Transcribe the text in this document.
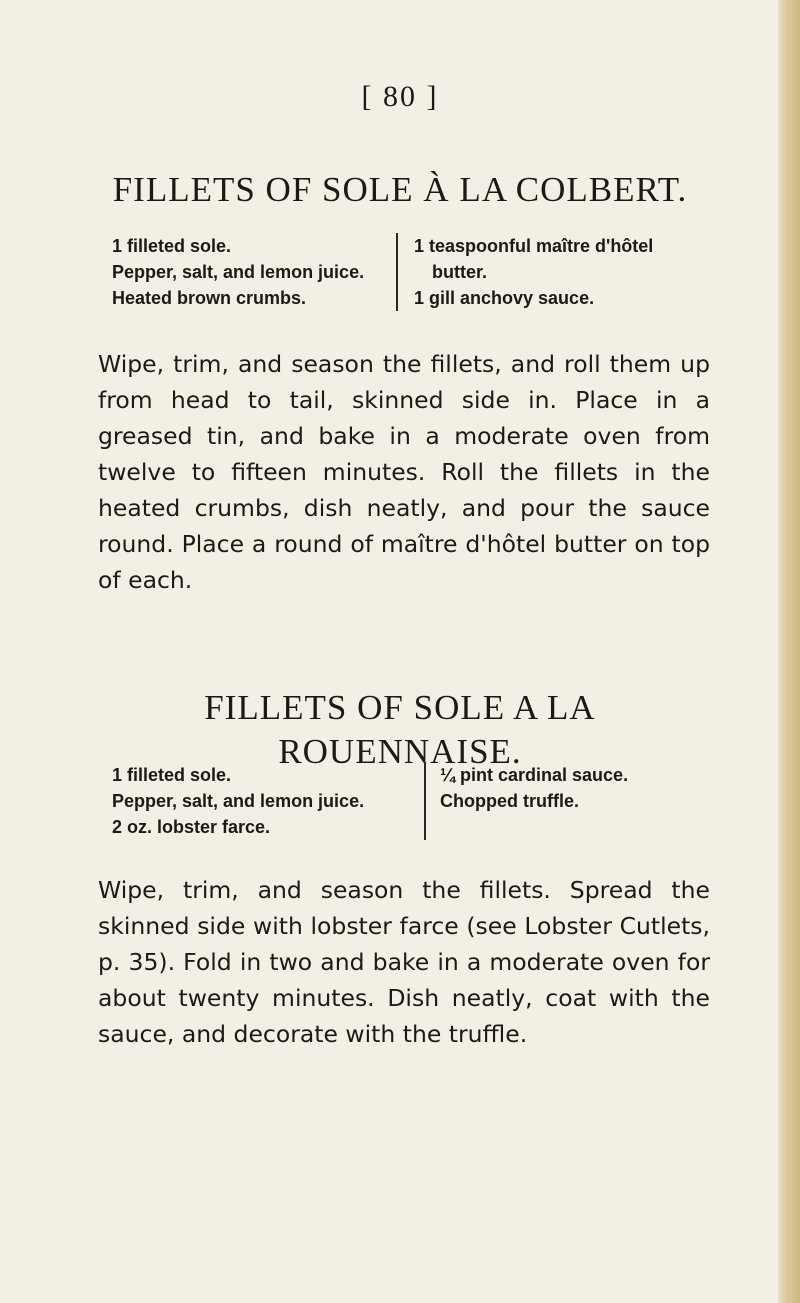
[ 80 ]
FILLETS OF SOLE À LA COLBERT.
1 filleted sole.
Pepper, salt, and lemon juice.
Heated brown crumbs.
1 teaspoonful maître d'hôtel
butter.
1 gill anchovy sauce.

Wipe, trim, and season the fillets, and roll them up from head to tail, skinned side in. Place in a greased tin, and bake in a moderate oven from twelve to fifteen minutes. Roll the fillets in the heated crumbs, dish neatly, and pour the sauce round. Place a round of maître d'hôtel butter on top of each.

FILLETS OF SOLE A LA
ROUENNAISE.
1 filleted sole.
Pepper, salt, and lemon juice.
2 oz. lobster farce.
¼ pint cardinal sauce.
Chopped truffle.

Wipe, trim, and season the fillets. Spread the skinned side with lobster farce (see Lobster Cutlets, p. 35). Fold in two and bake in a moderate oven for about twenty minutes. Dish neatly, coat with the sauce, and decorate with the truffle.
